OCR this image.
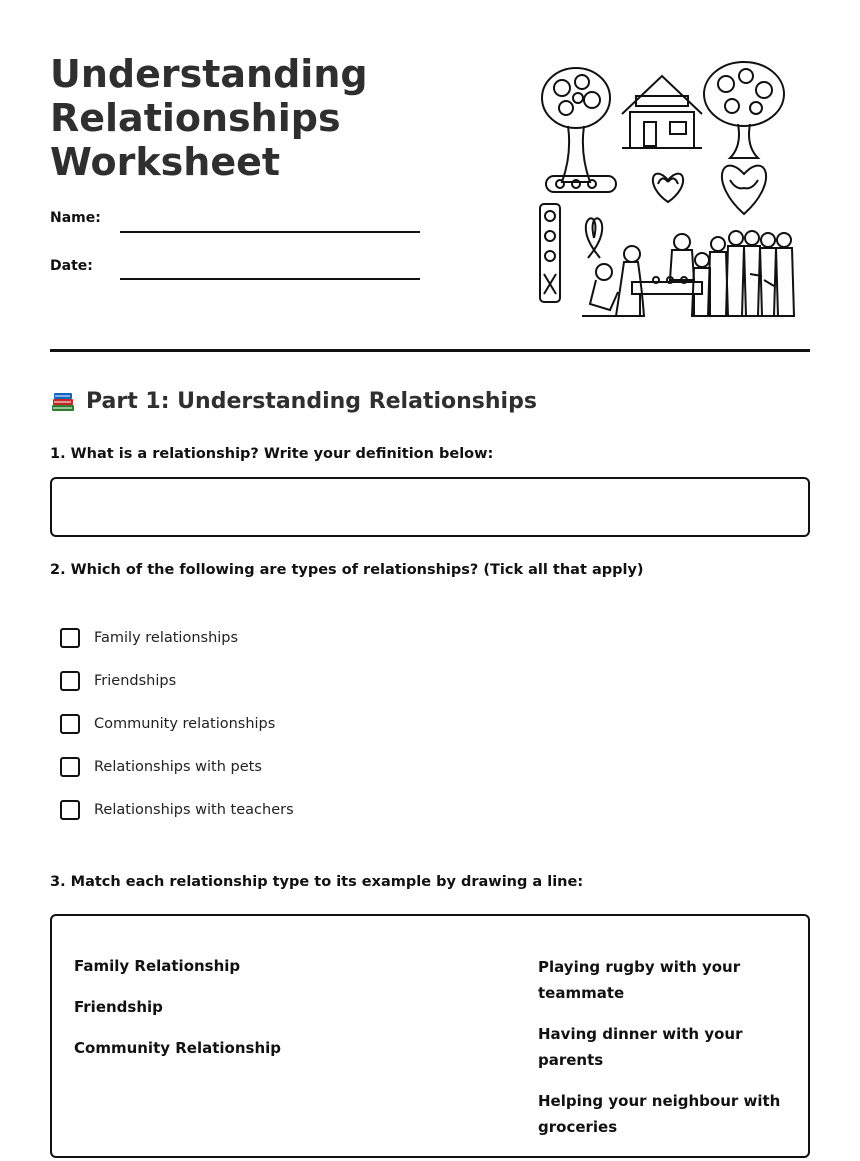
Understanding Relationships Worksheet
Name:
Date:
Part 1: Understanding Relationships
1. What is a relationship? Write your definition below:
2. Which of the following are types of relationships? (Tick all that apply)
Family relationships
Friendships
Community relationships
Relationships with pets
Relationships with teachers
3. Match each relationship type to its example by drawing a line:
Family Relationship
Friendship
Community Relationship
Playing rugby with your teammate
Having dinner with your parents
Helping your neighbour with groceries
